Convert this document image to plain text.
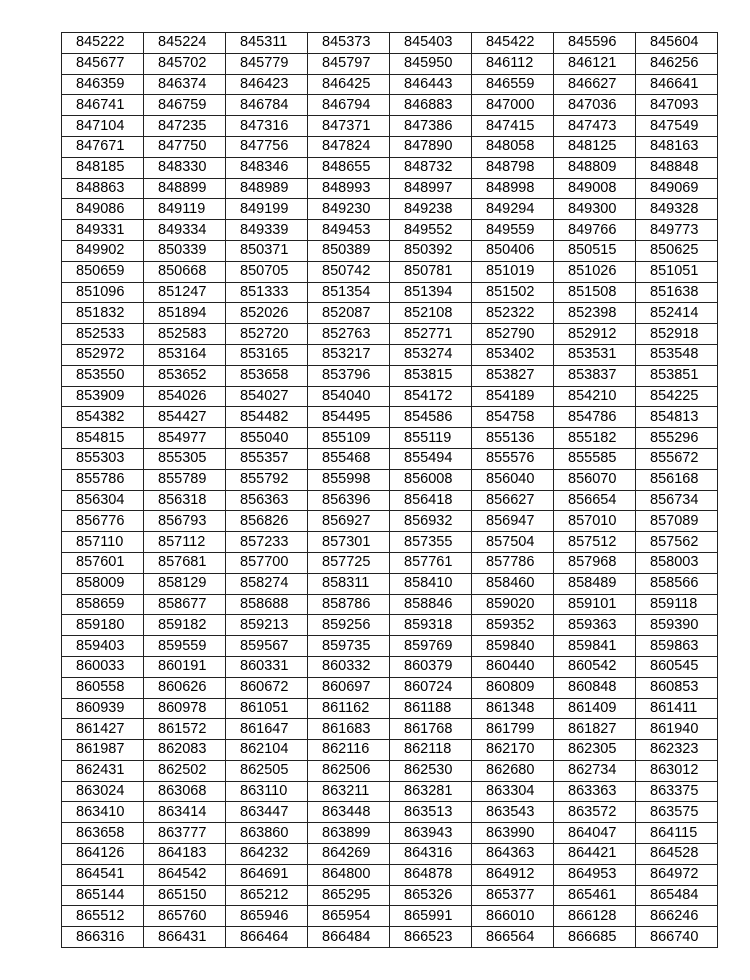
845222	845224	845311	845373	845403	845422	845596	845604
845677	845702	845779	845797	845950	846112	846121	846256
846359	846374	846423	846425	846443	846559	846627	846641
846741	846759	846784	846794	846883	847000	847036	847093
847104	847235	847316	847371	847386	847415	847473	847549
847671	847750	847756	847824	847890	848058	848125	848163
848185	848330	848346	848655	848732	848798	848809	848848
848863	848899	848989	848993	848997	848998	849008	849069
849086	849119	849199	849230	849238	849294	849300	849328
849331	849334	849339	849453	849552	849559	849766	849773
849902	850339	850371	850389	850392	850406	850515	850625
850659	850668	850705	850742	850781	851019	851026	851051
851096	851247	851333	851354	851394	851502	851508	851638
851832	851894	852026	852087	852108	852322	852398	852414
852533	852583	852720	852763	852771	852790	852912	852918
852972	853164	853165	853217	853274	853402	853531	853548
853550	853652	853658	853796	853815	853827	853837	853851
853909	854026	854027	854040	854172	854189	854210	854225
854382	854427	854482	854495	854586	854758	854786	854813
854815	854977	855040	855109	855119	855136	855182	855296
855303	855305	855357	855468	855494	855576	855585	855672
855786	855789	855792	855998	856008	856040	856070	856168
856304	856318	856363	856396	856418	856627	856654	856734
856776	856793	856826	856927	856932	856947	857010	857089
857110	857112	857233	857301	857355	857504	857512	857562
857601	857681	857700	857725	857761	857786	857968	858003
858009	858129	858274	858311	858410	858460	858489	858566
858659	858677	858688	858786	858846	859020	859101	859118
859180	859182	859213	859256	859318	859352	859363	859390
859403	859559	859567	859735	859769	859840	859841	859863
860033	860191	860331	860332	860379	860440	860542	860545
860558	860626	860672	860697	860724	860809	860848	860853
860939	860978	861051	861162	861188	861348	861409	861411
861427	861572	861647	861683	861768	861799	861827	861940
861987	862083	862104	862116	862118	862170	862305	862323
862431	862502	862505	862506	862530	862680	862734	863012
863024	863068	863110	863211	863281	863304	863363	863375
863410	863414	863447	863448	863513	863543	863572	863575
863658	863777	863860	863899	863943	863990	864047	864115
864126	864183	864232	864269	864316	864363	864421	864528
864541	864542	864691	864800	864878	864912	864953	864972
865144	865150	865212	865295	865326	865377	865461	865484
865512	865760	865946	865954	865991	866010	866128	866246
866316	866431	866464	866484	866523	866564	866685	866740
